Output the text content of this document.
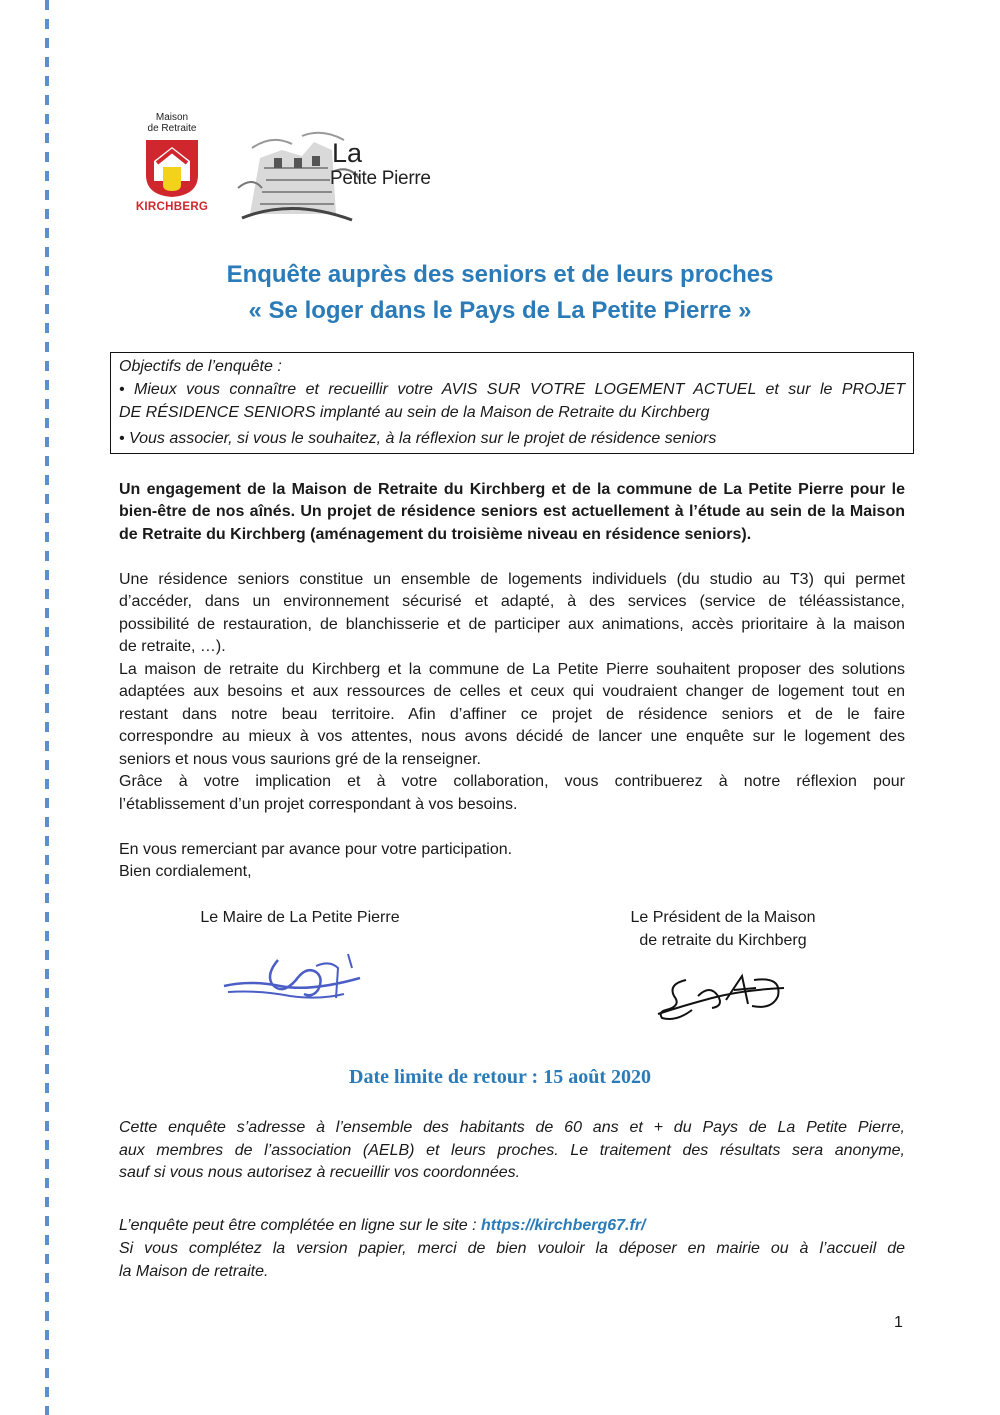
Maison
de Retraite
KIRCHBERG
La
Petite Pierre
Enquête auprès des seniors et de leurs proches
« Se loger dans le Pays de La Petite Pierre »
Objectifs de l’enquête :
• Mieux vous connaître et recueillir votre AVIS SUR VOTRE LOGEMENT ACTUEL et sur le PROJET
DE RÉSIDENCE SENIORS implanté au sein de la Maison de Retraite du Kirchberg
• Vous associer, si vous le souhaitez, à la réflexion sur le projet de résidence seniors
Un engagement de la Maison de Retraite du Kirchberg et de la commune de La Petite Pierre pour le
bien-être de nos aînés. Un projet de résidence seniors est actuellement à l’étude au sein de la Maison
de Retraite du Kirchberg (aménagement du troisième niveau en résidence seniors).
Une résidence seniors constitue un ensemble de logements individuels (du studio au T3) qui permet
d’accéder, dans un environnement sécurisé et adapté, à des services (service de téléassistance,
possibilité de restauration, de blanchisserie et de participer aux animations, accès prioritaire à la maison
de retraite, …).
La maison de retraite du Kirchberg et la commune de La Petite Pierre souhaitent proposer des solutions
adaptées aux besoins et aux ressources de celles et ceux qui voudraient changer de logement tout en
restant dans notre beau territoire. Afin d’affiner ce projet de résidence seniors et de le faire
correspondre au mieux à vos attentes, nous avons décidé de lancer une enquête sur le logement des
seniors et nous vous saurions gré de la renseigner.
Grâce à votre implication et à votre collaboration, vous contribuerez à notre réflexion pour
l’établissement d’un projet correspondant à vos besoins.
En vous remerciant par avance pour votre participation.
Bien cordialement,
Le Maire de La Petite Pierre	Le Président de la Maison
de retraite du Kirchberg
Date limite de retour : 15 août 2020
Cette enquête s’adresse à l’ensemble des habitants de 60 ans et + du Pays de La Petite Pierre,
aux membres de l’association (AELB) et leurs proches. Le traitement des résultats sera anonyme,
sauf si vous nous autorisez à recueillir vos coordonnées.
L’enquête peut être complétée en ligne sur le site : https://kirchberg67.fr/
Si vous complétez la version papier, merci de bien vouloir la déposer en mairie ou à l’accueil de
la Maison de retraite.
1
